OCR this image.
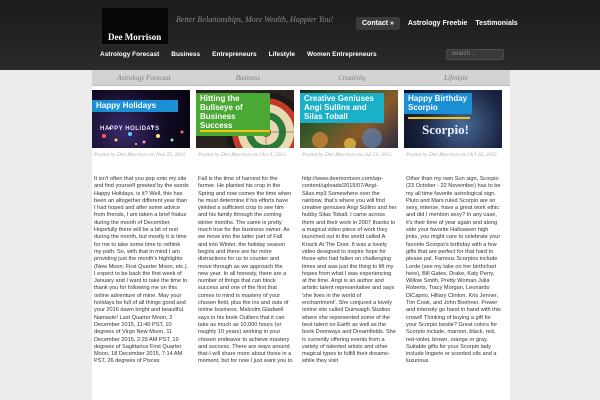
Dee Morrison
Better Relationships, More Wealth, Happier You!	Contact »	Astrology Freebie Testimonials
Astrology Forecast Business Entrepreneurs Lifestyle Women Entrepreneurs	search...
Astrology Forecast	Business	Creativity	Lifestyle
HAPPY HOLIDAYS
Happy Holidays
Posted by Dee Morrison on Nov 25, 2015
It isn't often that you pop onto my site and find yourself greeted by the words Happy Holidays, is it? Well, this has been an altogether different year than I had hoped and after some advice from friends, I am taken a brief hiatus during the month of December. Hopefully there will be a bit of rest during the month, but mostly it is time for me to take some time to rethink my path. So, with that in mind I am providing just the month's highlights (New Moon, First Quarter Moon, etc.). I expect to be back the first week of January and I want to take the time to thank you for following me on this online adventure of mine. May your holidays be full of all things good and your 2016 dawn bright and beautiful. Namaste! Last Quarter Moon, 2 December 2015, 11:40 PST, 10 degrees of Virgo New Moon, 11 December 2015, 2:29 AM PST, 19 degrees of Sagittarius First Quarter Moon, 18 December 2015, 7:14 AM PST, 26 degrees of Pisces
Hitting the Bullseye of Business Success
Posted by Dee Morrison on Oct 9, 2015
Fall is the time of harvest for the farmer. He planted his crop in the Spring and now comes the time when he must determine if his efforts have yielded a sufficient crop to see him and his family through the coming winter months. The same is pretty much true for the business owner. As we move into the latter part of Fall and into Winter, the holiday season begins and there are far more distractions for us to counter and move through as we approach the new year. In all honesty, there are a number of things that can block success and one of the first that comes to mind is mastery of your chosen field, plus the ins and outs of online business. Malcolm Gladwell says in his book Outliers that it can take as much as 10,000 hours (or roughly 10 years) working in your chosen endeavor to achieve mastery and success. There are ways around that-I will share more about those in a moment, but for now I just want you to
Creative Geniuses Angi Sullins and Silas Toball
Posted by Dee Morrison on Jul 23, 2015
http://www.deemorrison.com/wp-content/uploads/2015/07/Angi-Silas.mp3 Somewhere over the rainbow, that's where you will find creative geniuses Angi Sullins and her hubby Silas Toball. I came across them and their work in 2007 thanks to a magical video piece of work they launched out in the world called A Knock At The Door. It was a lovely video designed to inspire hope for those who had fallen on challenging times and was just the thing to lift my hopes from what I was experiencing at the time. Angi is an author and artistic talent representative and says 'she lives in the world of enchantment'. She conjured a lovely online site called Duirwaigh Studios where she represented some of the best talent on Earth as well as the book Doorways and Dreamfields. She is currently offering events from a variety of talented artists and other magical types to fulfill their dreams-while they visit
Scorpio!
Happy Birthday Scorpio
Posted by Dee Morrison on Oct 26, 2015
Other than my own Sun sign, Scorpio (23 October - 22 November) has to be my all time favorite astrological sign. Pluto and Mars ruled Scorpio are so sexy, intense, have a great work ethic and did I mention sexy? In any case, it's their time of year again and along side your favorite Halloween high jinks, you might care to celebrate your favorite Scorpio's birthday with a few gifts that are perfect for that hard to please pal. Famous Scorpios include Lorde (see my take on her birthchart here), Bill Gates, Drake, Katy Perry, Willow Smith, Pretty Woman Julia Roberts, Tracy Morgan, Leonardo DiCaprio, Hillary Clinton, Kris Jenner, Tim Cook, and John Boehner. Power and intensity go hand in hand with this crowd! Thinking of buying a gift for your Scorpio bestie? Great colors for Scorpio include, maroon, black, red, red-violet, brown, orange or gray. Suitable gifts for your Scorpio lady include lingerie or scented oils and a luxurious
